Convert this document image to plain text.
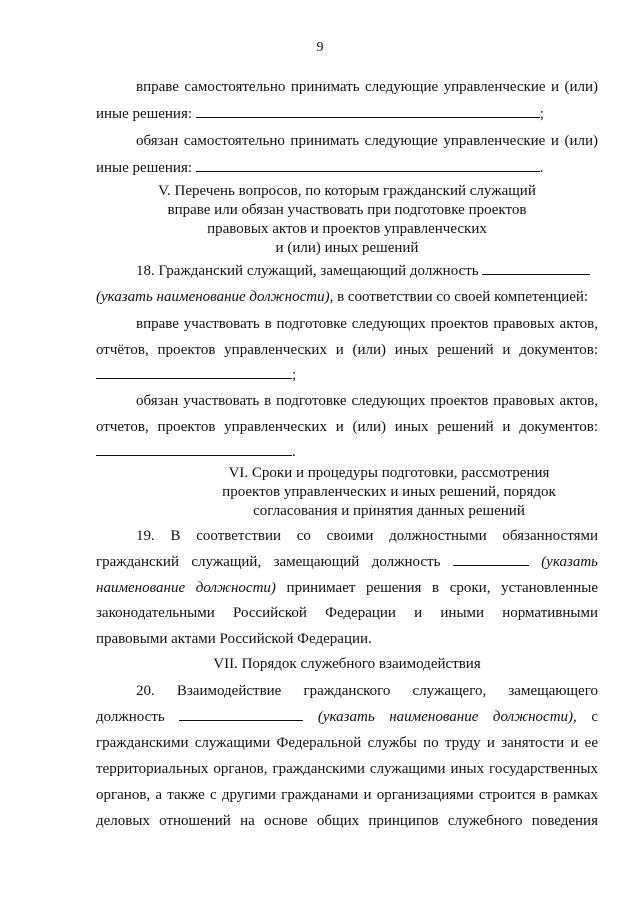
9
вправе самостоятельно принимать следующие управленческие и (или)
иные решения:	;
обязан самостоятельно принимать следующие управленческие и (или)
иные решения:	.
V. Перечень вопросов, по которым гражданский служащий
вправе или обязан участвовать при подготовке проектов
правовых актов и проектов управленческих
и (или) иных решений
18. Гражданский служащий, замещающий должность
(указать наименование должности), в соответствии со своей компетенцией:
вправе участвовать в подготовке следующих проектов правовых актов,
отчётов, проектов управленческих и (или) иных решений и документов:
;
обязан участвовать в подготовке следующих проектов правовых актов,
отчетов, проектов управленческих и (или) иных решений и документов:
.
VI. Сроки и процедуры подготовки, рассмотрения
проектов управленческих и иных решений, порядок
согласования и принятия данных решений
19. В соответствии со своими должностными обязанностями
гражданский служащий, замещающий должность	(указать
наименование должности) принимает решения в сроки, установленные
законодательными Российской Федерации и иными нормативными
правовыми актами Российской Федерации.
VII. Порядок служебного взаимодействия
20. Взаимодействие гражданского служащего, замещающего
должность	(указать наименование должности), с
гражданскими служащими Федеральной службы по труду и занятости и ее
территориальных органов, гражданскими служащими иных государственных
органов, а также с другими гражданами и организациями строится в рамках
деловых отношений на основе общих принципов служебного поведения
